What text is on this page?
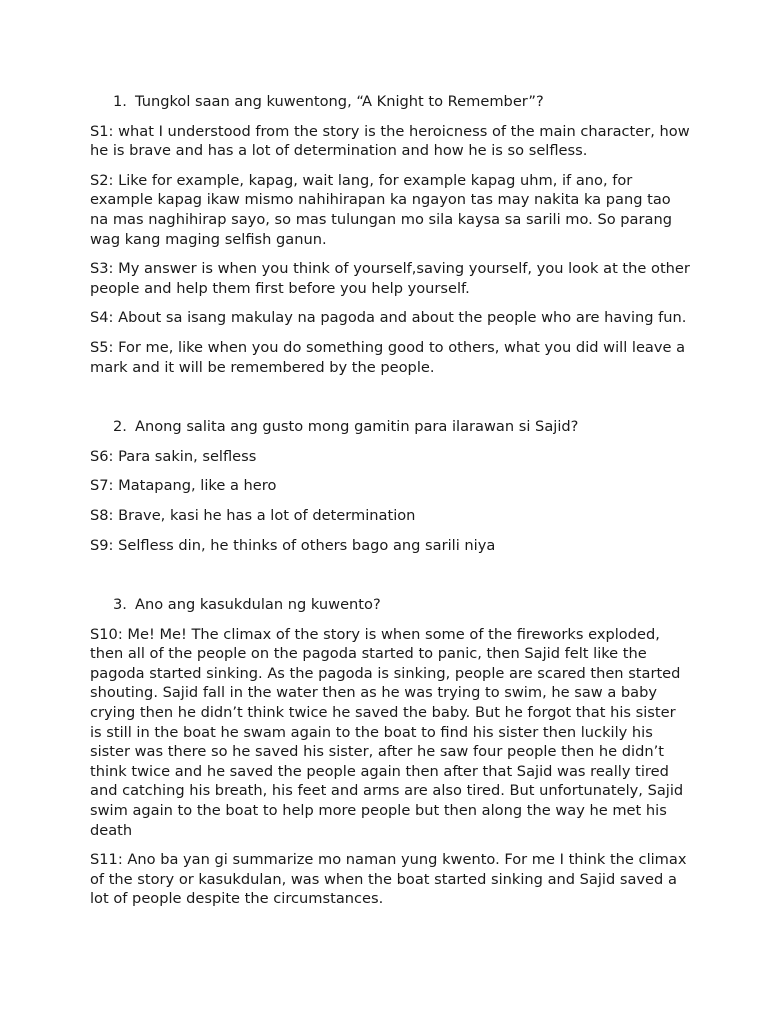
1. Tungkol saan ang kuwentong, “A Knight to Remember”?

S1: what I understood from the story is the heroicness of the main character, how he is brave and has a lot of determination and how he is so selfless.

S2: Like for example, kapag, wait lang, for example kapag uhm, if ano, for example kapag ikaw mismo nahihirapan ka ngayon tas may nakita ka pang tao na mas naghihirap sayo, so mas tulungan mo sila kaysa sa sarili mo. So parang wag kang maging selfish ganun.

S3: My answer is when you think of yourself,saving yourself, you look at the other people and help them first before you help yourself.

S4: About sa isang makulay na pagoda and about the people who are having fun.

S5: For me, like when you do something good to others, what you did will leave a mark and it will be remembered by the people.

2. Anong salita ang gusto mong gamitin para ilarawan si Sajid?

S6: Para sakin, selfless

S7: Matapang, like a hero

S8: Brave, kasi he has a lot of determination

S9: Selfless din, he thinks of others bago ang sarili niya

3. Ano ang kasukdulan ng kuwento?

S10: Me! Me! The climax of the story is when some of the fireworks exploded, then all of the people on the pagoda started to panic, then Sajid felt like the pagoda started sinking. As the pagoda is sinking, people are scared then started shouting. Sajid fall in the water then as he was trying to swim, he saw a baby crying then he didn’t think twice he saved the baby. But he forgot that his sister is still in the boat he swam again to the boat to find his sister then luckily his sister was there so he saved his sister, after he saw four people then he didn’t think twice and he saved the people again then after that Sajid was really tired and catching his breath, his feet and arms are also tired. But unfortunately, Sajid swim again to the boat to help more people but then along the way he met his death

S11: Ano ba yan gi summarize mo naman yung kwento. For me I think the climax of the story or kasukdulan, was when the boat started sinking and Sajid saved a lot of people despite the circumstances.
